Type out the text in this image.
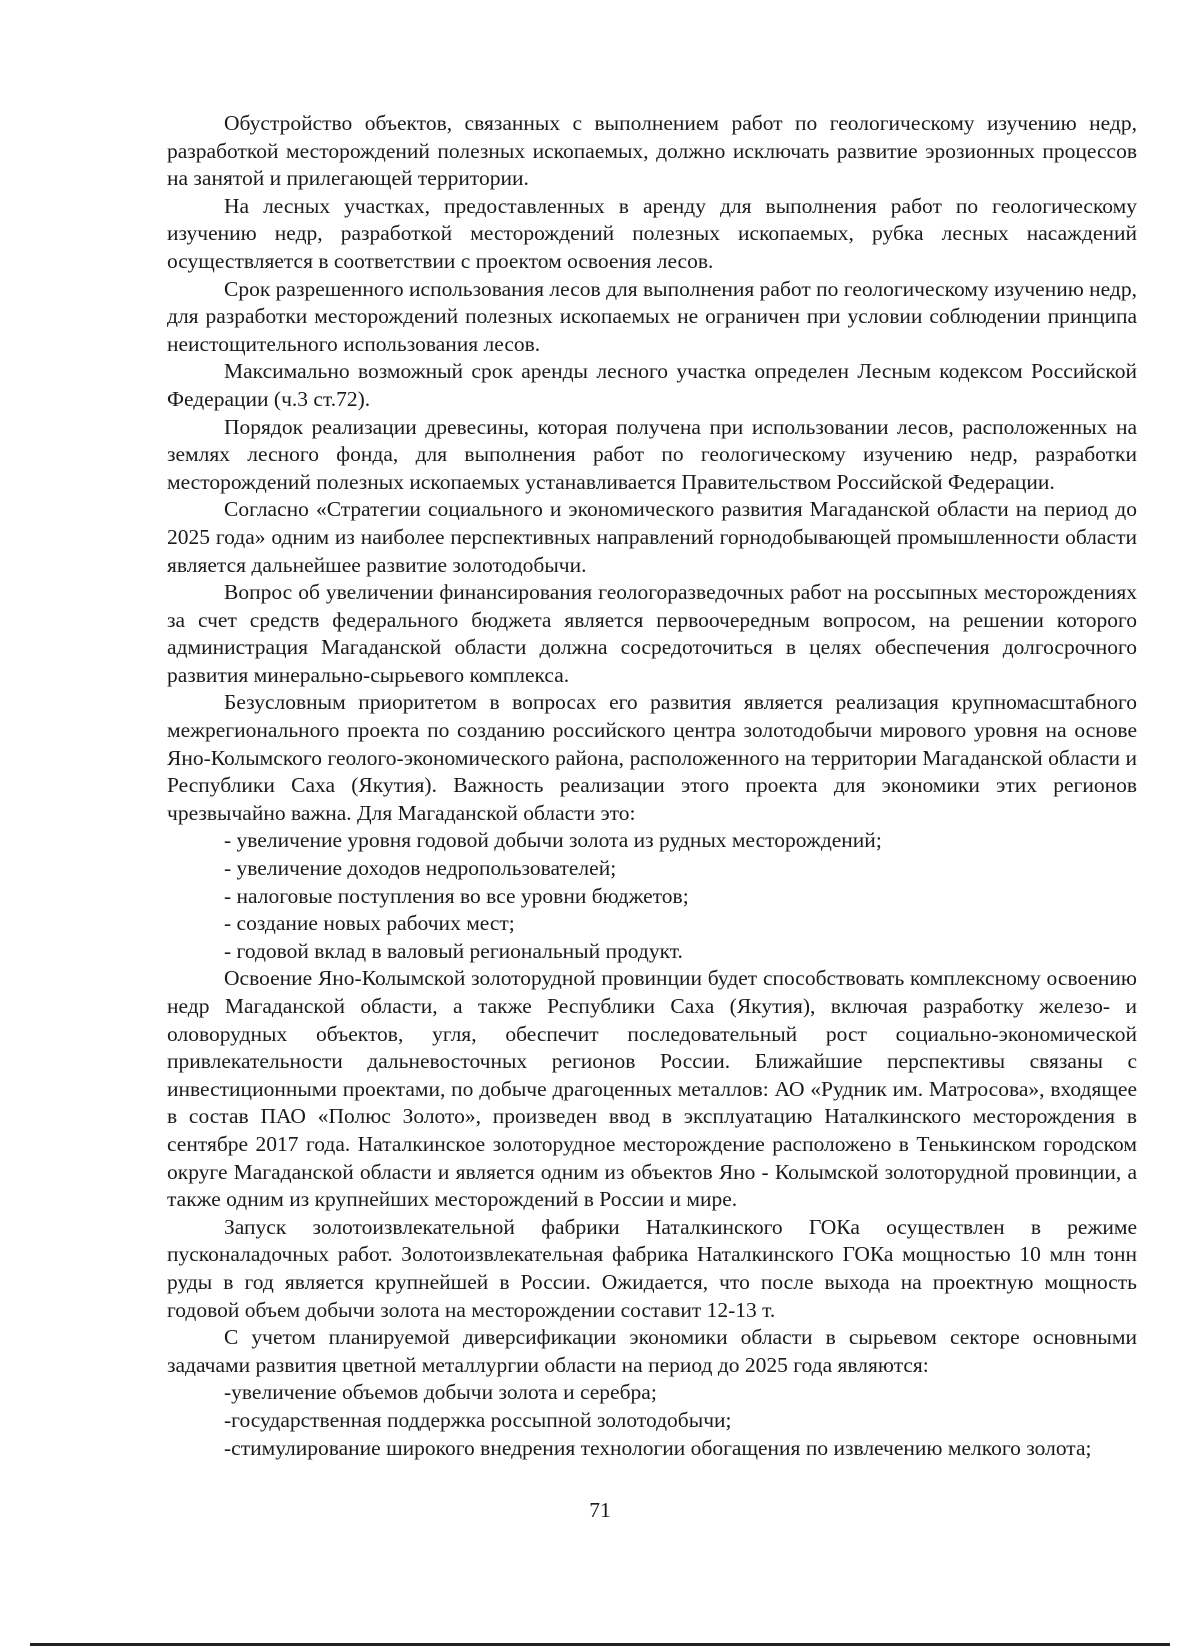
Обустройство объектов, связанных с выполнением работ по геологическому изучению недр, разработкой месторождений полезных ископаемых, должно исключать развитие эрозионных процессов на занятой и прилегающей территории.

На лесных участках, предоставленных в аренду для выполнения работ по геологическому изучению недр, разработкой месторождений полезных ископаемых, рубка лесных насаждений осуществляется в соответствии с проектом освоения лесов.

Срок разрешенного использования лесов для выполнения работ по геологическому изучению недр, для разработки месторождений полезных ископаемых не ограничен при условии соблюдении принципа неистощительного использования лесов.

Максимально возможный срок аренды лесного участка определен Лесным кодексом Российской Федерации (ч.3 ст.72).

Порядок реализации древесины, которая получена при использовании лесов, расположенных на землях лесного фонда, для выполнения работ по геологическому изучению недр, разработки месторождений полезных ископаемых устанавливается Правительством Российской Федерации.

Согласно «Стратегии социального и экономического развития Магаданской области на период до 2025 года» одним из наиболее перспективных направлений горнодобывающей промышленности области является дальнейшее развитие золотодобычи.

Вопрос об увеличении финансирования геологоразведочных работ на россыпных месторождениях за счет средств федерального бюджета является первоочередным вопросом, на решении которого администрация Магаданской области должна сосредоточиться в целях обеспечения долгосрочного развития минерально-сырьевого комплекса.

Безусловным приоритетом в вопросах его развития является реализация крупномасштабного межрегионального проекта по созданию российского центра золотодобычи мирового уровня на основе Яно-Колымского геолого-экономического района, расположенного на территории Магаданской области и Республики Саха (Якутия). Важность реализации этого проекта для экономики этих регионов чрезвычайно важна. Для Магаданской области это:

- увеличение уровня годовой добычи золота из рудных месторождений;

- увеличение доходов недропользователей;

- налоговые поступления во все уровни бюджетов;

- создание новых рабочих мест;

- годовой вклад в валовый региональный продукт.

Освоение Яно-Колымской золоторудной провинции будет способствовать комплексному освоению недр Магаданской области, а также Республики Саха (Якутия), включая разработку железо- и оловорудных объектов, угля, обеспечит последовательный рост социально-экономической привлекательности дальневосточных регионов России. Ближайшие перспективы связаны с инвестиционными проектами, по добыче драгоценных металлов: АО «Рудник им. Матросова», входящее в состав ПАО «Полюс Золото», произведен ввод в эксплуатацию Наталкинского месторождения в сентябре 2017 года. Наталкинское золоторудное месторождение расположено в Тенькинском городском округе Магаданской области и является одним из объектов Яно - Колымской золоторудной провинции, а также одним из крупнейших месторождений в России и мире.

Запуск золотоизвлекательной фабрики Наталкинского ГОКа осуществлен в режиме пусконаладочных работ. Золотоизвлекательная фабрика Наталкинского ГОКа мощностью 10 млн тонн руды в год является крупнейшей в России. Ожидается, что после выхода на проектную мощность годовой объем добычи золота на месторождении составит 12-13 т.

С учетом планируемой диверсификации экономики области в сырьевом секторе основными задачами развития цветной металлургии области на период до 2025 года являются:

-увеличение объемов добычи золота и серебра;

-государственная поддержка россыпной золотодобычи;

-стимулирование широкого внедрения технологии обогащения по извлечению мелкого золота;

71
